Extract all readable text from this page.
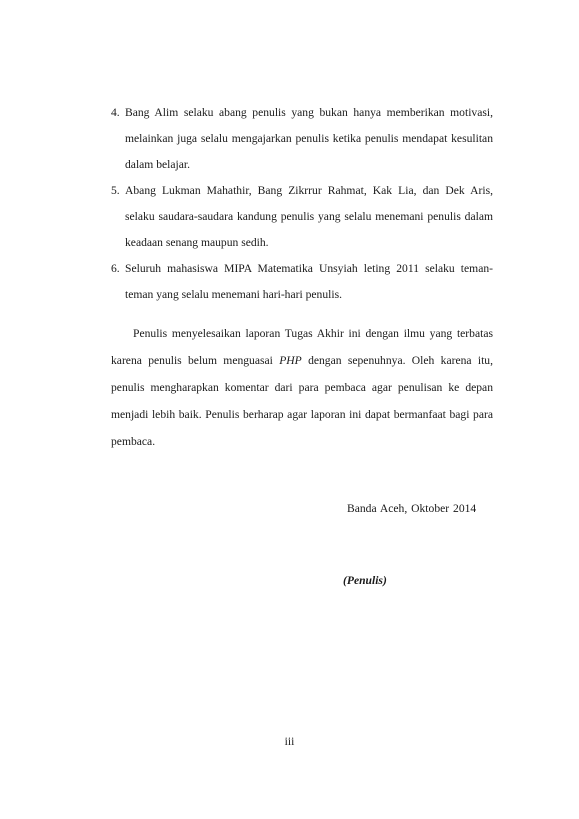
4. Bang Alim selaku abang penulis yang bukan hanya memberikan motivasi, melainkan juga selalu mengajarkan penulis ketika penulis mendapat kesulitan dalam belajar.
5. Abang Lukman Mahathir, Bang Zikrrur Rahmat, Kak Lia, dan Dek Aris, selaku saudara-saudara kandung penulis yang selalu menemani penulis dalam keadaan senang maupun sedih.
6. Seluruh mahasiswa MIPA Matematika Unsyiah leting 2011 selaku teman-teman yang selalu menemani hari-hari penulis.

Penulis menyelesaikan laporan Tugas Akhir ini dengan ilmu yang terbatas karena penulis belum menguasai PHP dengan sepenuhnya. Oleh karena itu, penulis mengharapkan komentar dari para pembaca agar penulisan ke depan menjadi lebih baik. Penulis berharap agar laporan ini dapat bermanfaat bagi para pembaca.

Banda Aceh, Oktober 2014
(Penulis)
iii
